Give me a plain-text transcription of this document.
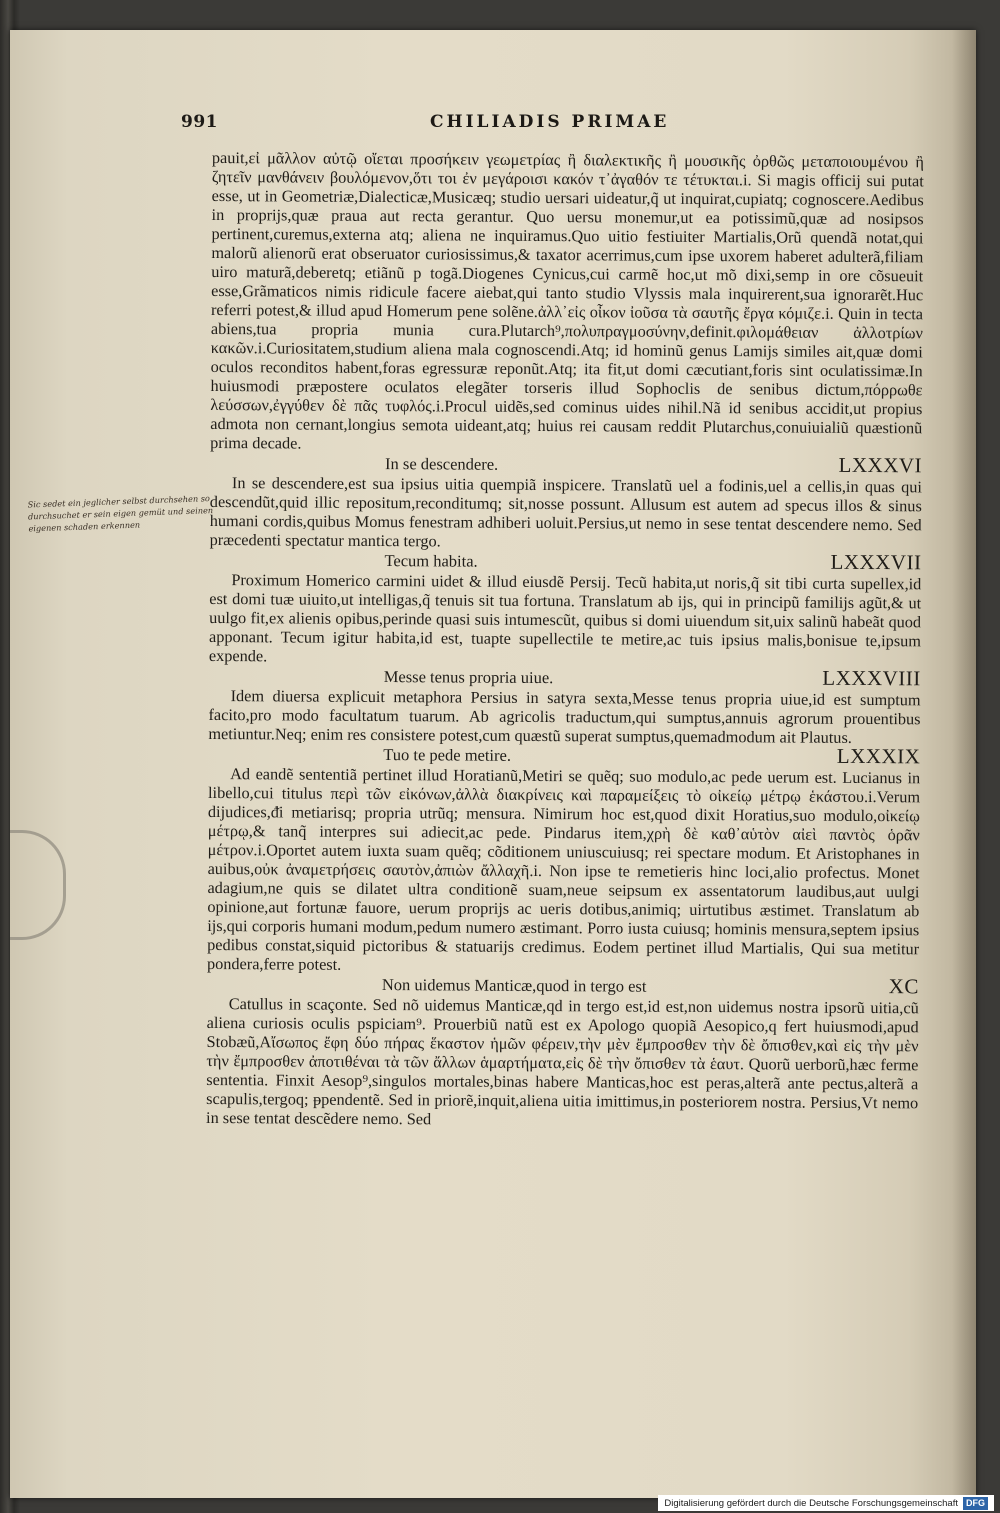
991	CHILIADIS PRIMAE
Sic sedet ein jeglicher selbst durchsehen so durchsuchet er sein eigen gemüt und seinen eigenen schaden erkennen

pauit,εἰ μᾶλλον αὐτῷ οἴεται προσήκειν γεωμετρίας ἢ διαλεκτικῆς ἢ μουσικῆς ὀρθῶς μεταποιουμένου ἢ ζητεῖν μανθάνειν βουλόμενον,ὅτι τοι ἐν μεγάροισι κακόν τ᾽ἀγαθόν τε τέτυκται.i. Si magis officij sui putat esse, ut in Geometriæ,Dialecticæ,Musicæq; studio uersari uideatur,q̃ ut inquirat,cupiatq; cognoscere.Aedibus in proprijs,quæ praua aut recta gerantur. Quo uersu monemur,ut ea potissimũ,quæ ad nosipsos pertinent,curemus,externa atq; aliena ne inquiramus.Quo uitio festiuiter Martialis,Orũ quendã notat,qui malorũ alienorũ erat obseruator curiosissimus,& taxator acerrimus,cum ipse uxorem haberet adulterã,filiam uiro maturã,deberetq; etiãnũ p togã.Diogenes Cynicus,cui carmẽ hoc,ut mõ dixi,semp in ore cõsueuit esse,Grãmaticos nimis ridicule facere aiebat,qui tanto studio Vlyssis mala inquirerent,sua ignorarẽt.Huc referri potest,& illud apud Homerum pene solẽne.ἀλλ᾽εἰς οἶκον ἰοῦσα τὰ σαυτῆς ἔργα κόμιζε.i. Quin in tecta abiens,tua propria munia cura.Plutarch⁹,πολυπραγμοσύνην,definit.φιλομάθειαν ἀλλοτρίων κακῶν.i.Curiositatem,studium aliena mala cognoscendi.Atq; id hominũ genus Lamijs similes ait,quæ domi oculos reconditos habent,foras egressuræ reponũt.Atq; ita fit,ut domi cæcutiant,foris sint oculatissimæ.In huiusmodi præpostere oculatos elegãter torseris illud Sophoclis de senibus dictum,πόρρωθε λεύσσων,ἐγγύθεν δὲ πᾶς τυφλός.i.Procul uidẽs,sed cominus uides nihil.Nã id senibus accidit,ut propius admota non cernant,longius semota uideant,atq; huius rei causam reddit Plutarchus,conuiuialiũ quæstionũ prima decade.

In se descendere.	LXXXVI

In se descendere,est sua ipsius uitia quempiã inspicere. Translatũ uel a fodinis,uel a cellis,in quas qui descendũt,quid illic repositum,reconditumq; sit,nosse possunt. Allusum est autem ad specus illos & sinus humani cordis,quibus Momus fenestram adhiberi uoluit.Persius,ut nemo in sese tentat descendere nemo. Sed præcedenti spectatur mantica tergo.

Tecum habita.	LXXXVII

Proximum Homerico carmini uidet & illud eiusdẽ Persij. Tecũ habita,ut noris,q̃ sit tibi curta supellex,id est domi tuæ uiuito,ut intelligas,q̃ tenuis sit tua fortuna. Translatum ab ijs, qui in principũ familijs agũt,& ut uulgo fit,ex alienis opibus,perinde quasi suis intumescũt, quibus si domi uiuendum sit,uix salinũ habeãt quod apponant. Tecum igitur habita,id est, tuapte supellectile te metire,ac tuis ipsius malis,bonisue te,ipsum expende.

Messe tenus propria uiue.	LXXXVIII

Idem diuersa explicuit metaphora Persius in satyra sexta,Messe tenus propria uiue,id est sumptum facito,pro modo facultatum tuarum. Ab agricolis traductum,qui sumptus,annuis agrorum prouentibus metiuntur.Neq; enim res consistere potest,cum quæstũ superat sumptus,quemadmodum ait Plautus.

Tuo te pede metire.	LXXXIX

Ad eandẽ sententiã pertinet illud Horatianũ,Metiri se quẽq; suo modulo,ac pede uerum est. Lucianus in libello,cui titulus περὶ τῶν εἰκόνων,ἀλλὰ διακρίνεις καὶ παραμείξεις τὸ οἰκείῳ μέτρῳ ἑκάστου.i.Verum dijudices,ᵭi metiarisq; propria utrũq; mensura. Nimirum hoc est,quod dixit Horatius,suo modulo,οἰκείῳ μέτρῳ,& tanq̃ interpres sui adiecit,ac pede. Pindarus item,χρὴ δὲ καθ᾽αὑτὸν αἰεὶ παντὸς ὁρᾶν μέτρον.i.Oportet autem iuxta suam quẽq; cõditionem uniuscuiusq; rei spectare modum. Et Aristophanes in auibus,οὐκ ἀναμετρήσεις σαυτὸν,ἀπιὼν ἄλλαχῆ.i. Non ipse te remetieris hinc loci,alio profectus. Monet adagium,ne quis se dilatet ultra conditionẽ suam,neue seipsum ex assentatorum laudibus,aut uulgi opinione,aut fortunæ fauore, uerum proprijs ac ueris dotibus,animiq; uirtutibus æstimet. Translatum ab ijs,qui corporis humani modum,pedum numero æstimant. Porro iusta cuiusq; hominis mensura,septem ipsius pedibus constat,siquid pictoribus & statuarijs credimus. Eodem pertinet illud Martialis, Qui sua metitur pondera,ferre potest.

Non uidemus Manticæ,quod in tergo est	XC

Catullus in scaçonte. Sed nõ uidemus Manticæ,qd in tergo est,id est,non uidemus nostra ipsorũ uitia,cũ aliena curiosis oculis pspiciam⁹. Prouerbiũ natũ est ex Apologo quopiã Aesopico,q fert huiusmodi,apud Stobæũ,Αἴσωπος ἔφη δύο πήρας ἕκαστον ἡμῶν φέρειν,τὴν μὲν ἔμπροσθεν τὴν δὲ ὄπισθεν,καὶ εἰς τὴν μὲν τὴν ἔμπροσθεν ἀποτιθέναι τὰ τῶν ἄλλων ἁμαρτήματα,εἰς δὲ τὴν ὄπισθεν τὰ ἑαυτ. Quorũ uerborũ,hæc ferme sententia. Finxit Aesop⁹,singulos mortales,binas habere Manticas,hoc est peras,alterã ante pectus,alterã a scapulis,tergoq; ᵽpendentẽ. Sed in priorẽ,inquit,aliena uitia imittimus,in posteriorem nostra. Persius,Vt nemo in sese tentat descẽdere nemo. Sed

Digitalisierung gefördert durch die Deutsche Forschungsgemeinschaft DFG
